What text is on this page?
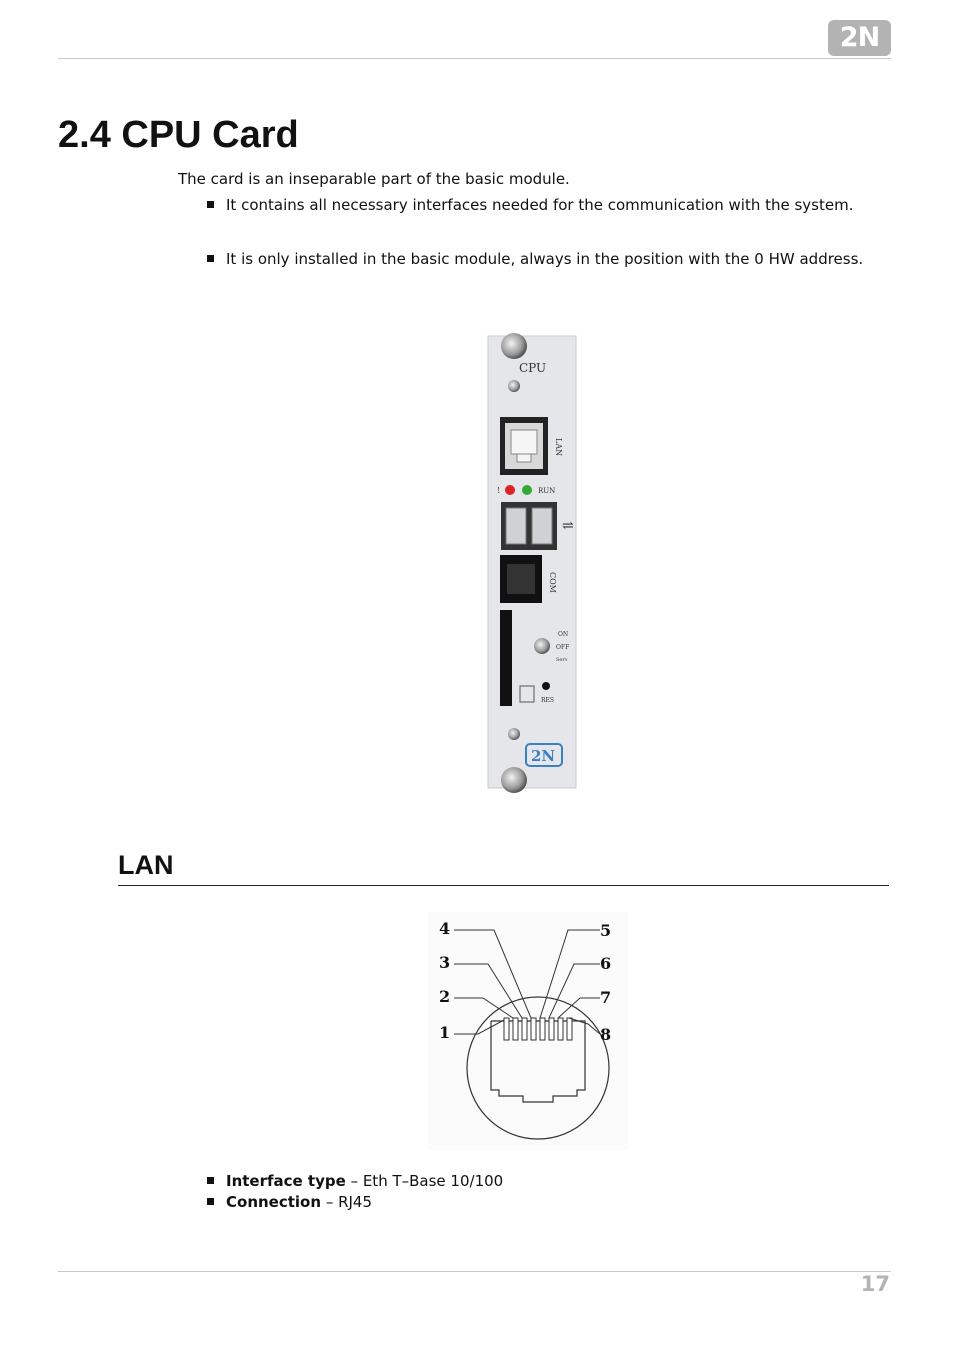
2N
2.4 CPU Card
The card is an inseparable part of the basic module.
It contains all necessary interfaces needed for the communication with the system.
It is only installed in the basic module, always in the position with the 0 HW address.
CPU
LAN
!	RUN
⇌
COM
ON
OFF
Serv
RES
2N
LAN
4
3
2
1
5
6
7
8
Interface type – Eth T–Base 10/100
Connection – RJ45
17
